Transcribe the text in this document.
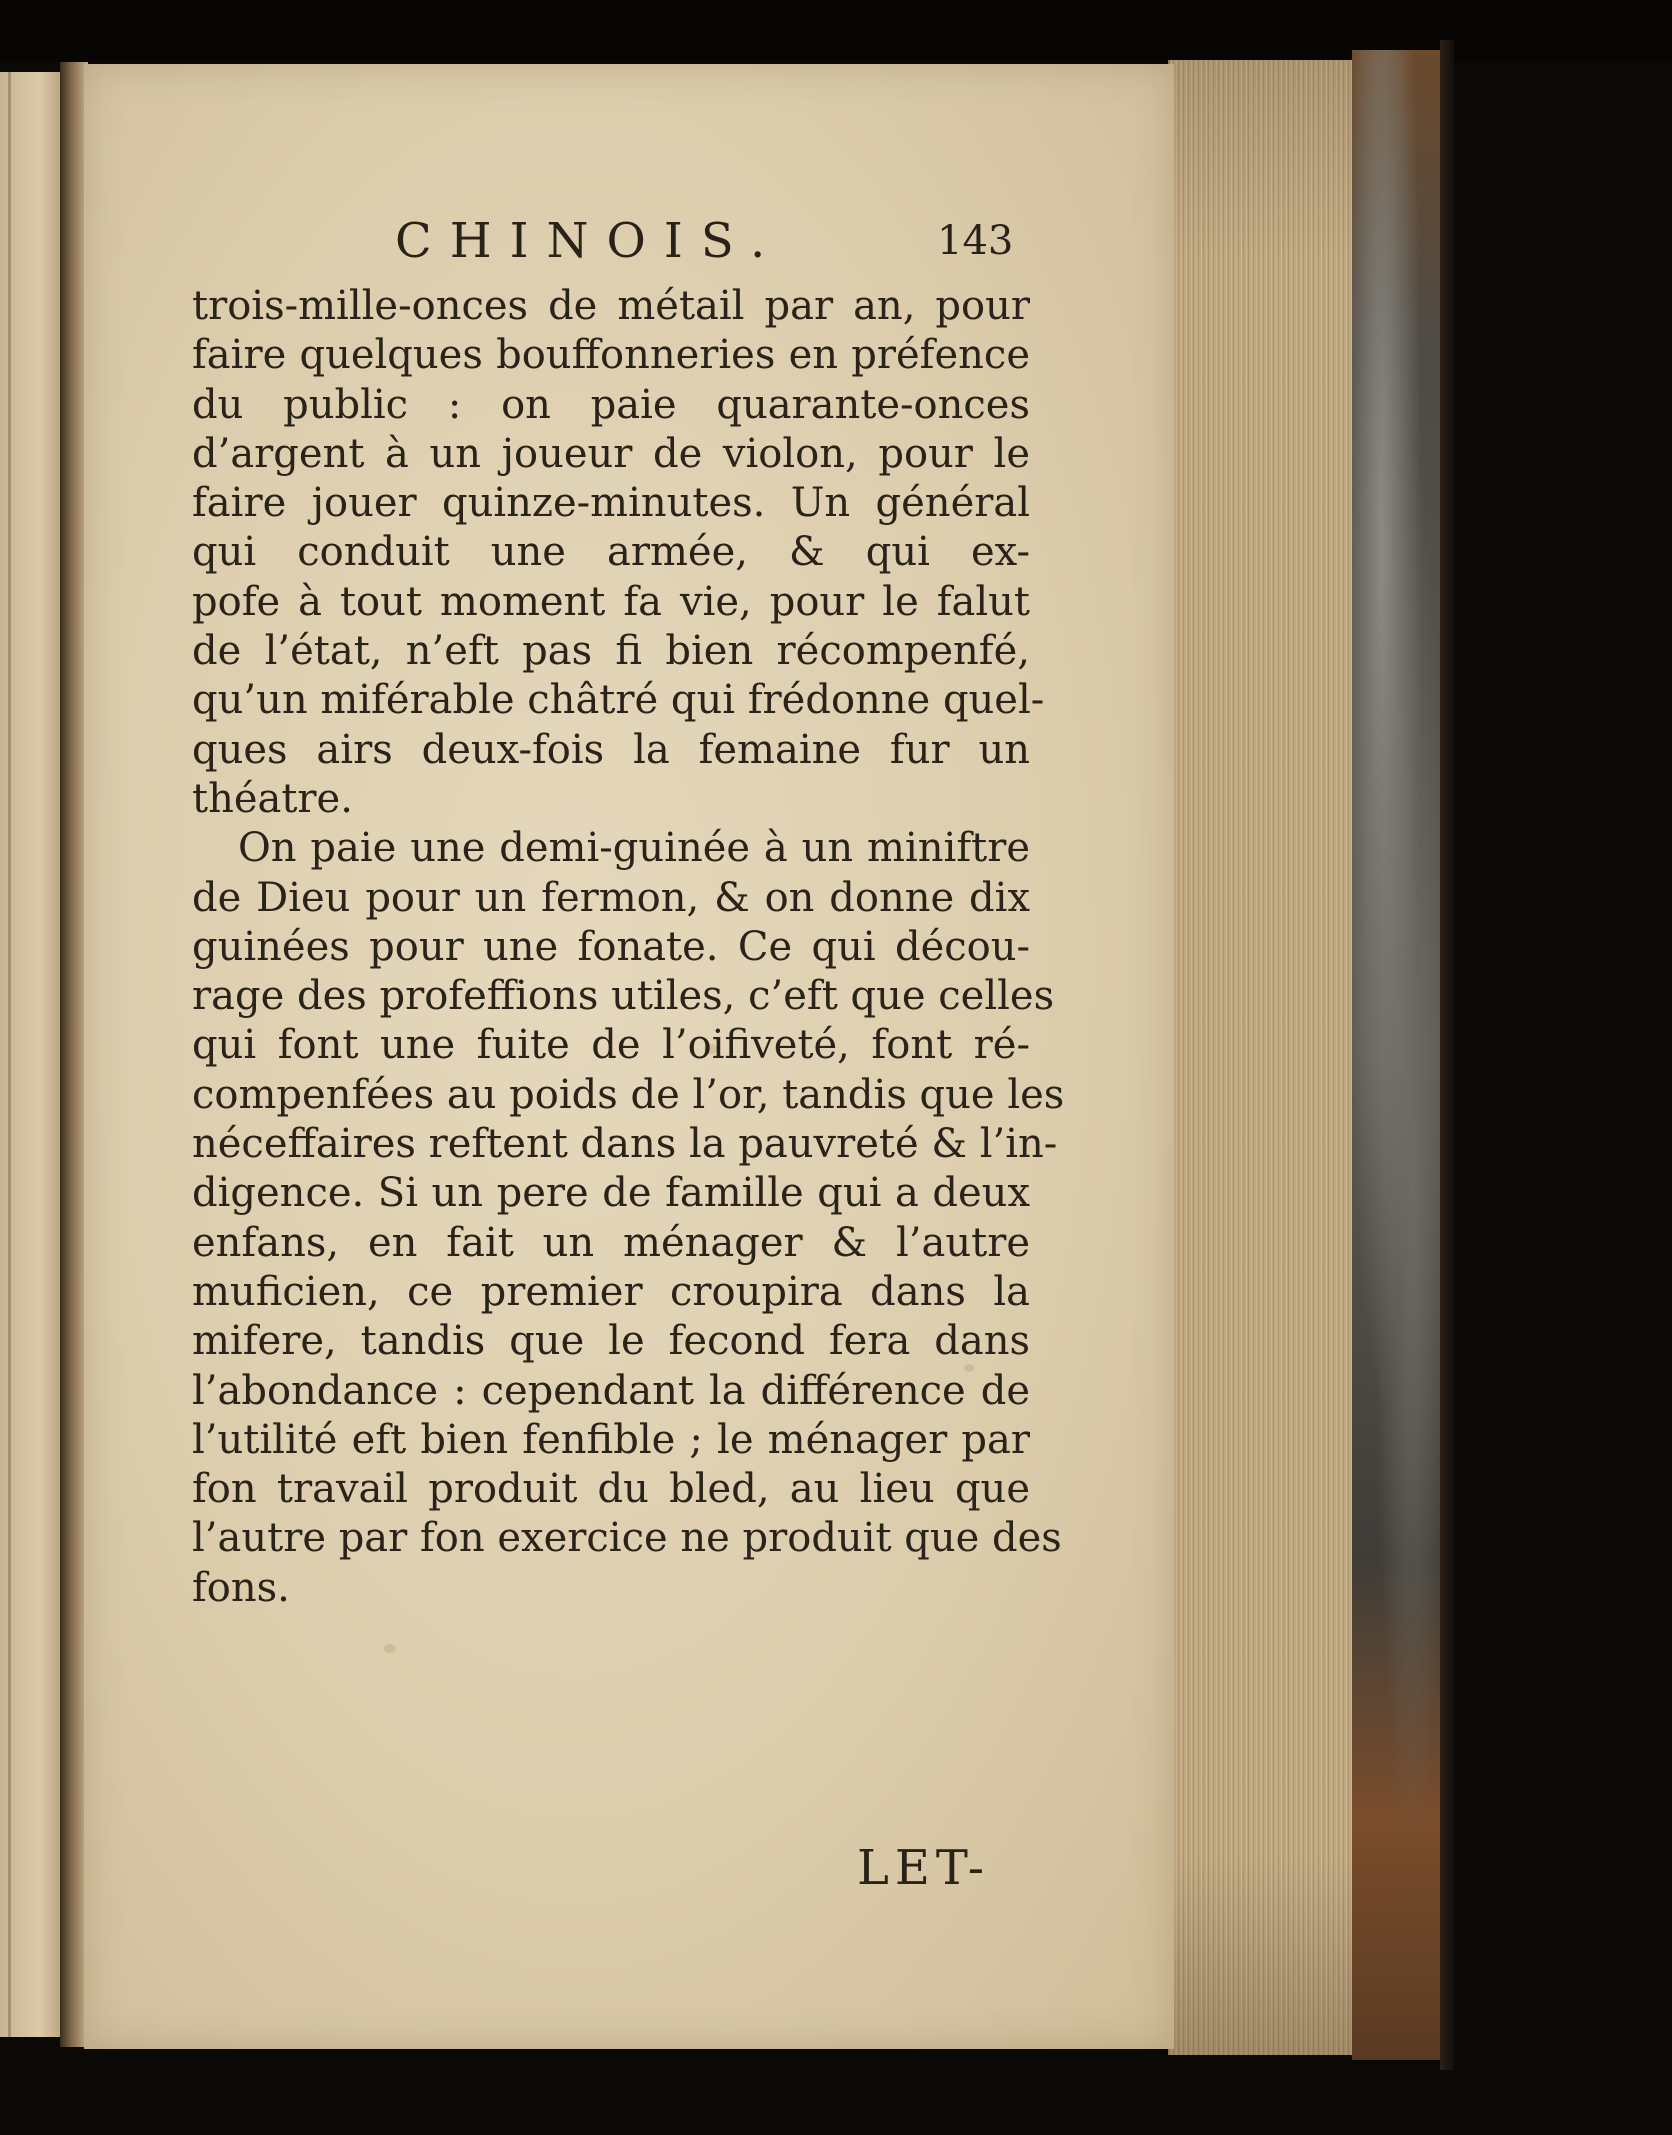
CHINOIS.	143
trois-mille-onces de métail par an, pour
faire quelques bouffonneries en préfence
du public : on paie quarante-onces
d’argent à un joueur de violon, pour le
faire jouer quinze-minutes. Un général
qui conduit une armée, & qui ex-
pofe à tout moment fa vie, pour le falut
de l’état, n’eft pas fi bien récompenfé,
qu’un miférable châtré qui frédonne quel-
ques airs deux-fois la femaine fur un
théatre.
On paie une demi-guinée à un miniftre
de Dieu pour un fermon, & on donne dix
guinées pour une fonate. Ce qui décou-
rage des profeffions utiles, c’eft que celles
qui font une fuite de l’oifiveté, font ré-
compenfées au poids de l’or, tandis que les
néceffaires reftent dans la pauvreté & l’in-
digence. Si un pere de famille qui a deux
enfans, en fait un ménager & l’autre
muficien, ce premier croupira dans la
mifere, tandis que le fecond fera dans
l’abondance : cependant la différence de
l’utilité eft bien fenfible ; le ménager par
fon travail produit du bled, au lieu que
l’autre par fon exercice ne produit que des
fons.
LET-
